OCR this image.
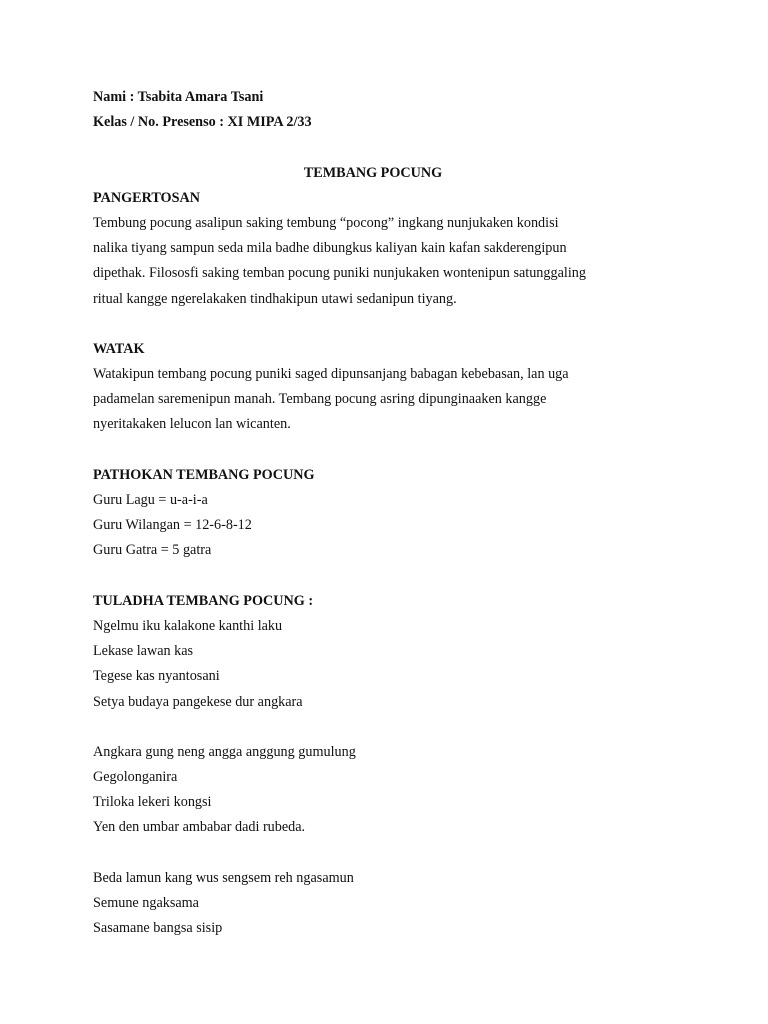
Nami : Tsabita Amara Tsani
Kelas / No. Presenso : XI MIPA 2/33
TEMBANG POCUNG
PANGERTOSAN
Tembung pocung asalipun saking tembung “pocong” ingkang nunjukaken kondisi
nalika tiyang sampun seda mila badhe dibungkus kaliyan kain kafan sakderengipun
dipethak. Filososfi saking temban pocung puniki nunjukaken wontenipun satunggaling
ritual kangge ngerelakaken tindhakipun utawi sedanipun tiyang.
WATAK
Watakipun tembang pocung puniki saged dipunsanjang babagan kebebasan, lan uga
padamelan saremenipun manah. Tembang pocung asring dipunginaaken kangge
nyeritakaken lelucon lan wicanten.
PATHOKAN TEMBANG POCUNG
Guru Lagu = u-a-i-a
Guru Wilangan = 12-6-8-12
Guru Gatra = 5 gatra
TULADHA TEMBANG POCUNG :
Ngelmu iku kalakone kanthi laku
Lekase lawan kas
Tegese kas nyantosani
Setya budaya pangekese dur angkara
Angkara gung neng angga anggung gumulung
Gegolonganira
Triloka lekeri kongsi
Yen den umbar ambabar dadi rubeda.
Beda lamun kang wus sengsem reh ngasamun
Semune ngaksama
Sasamane bangsa sisip
